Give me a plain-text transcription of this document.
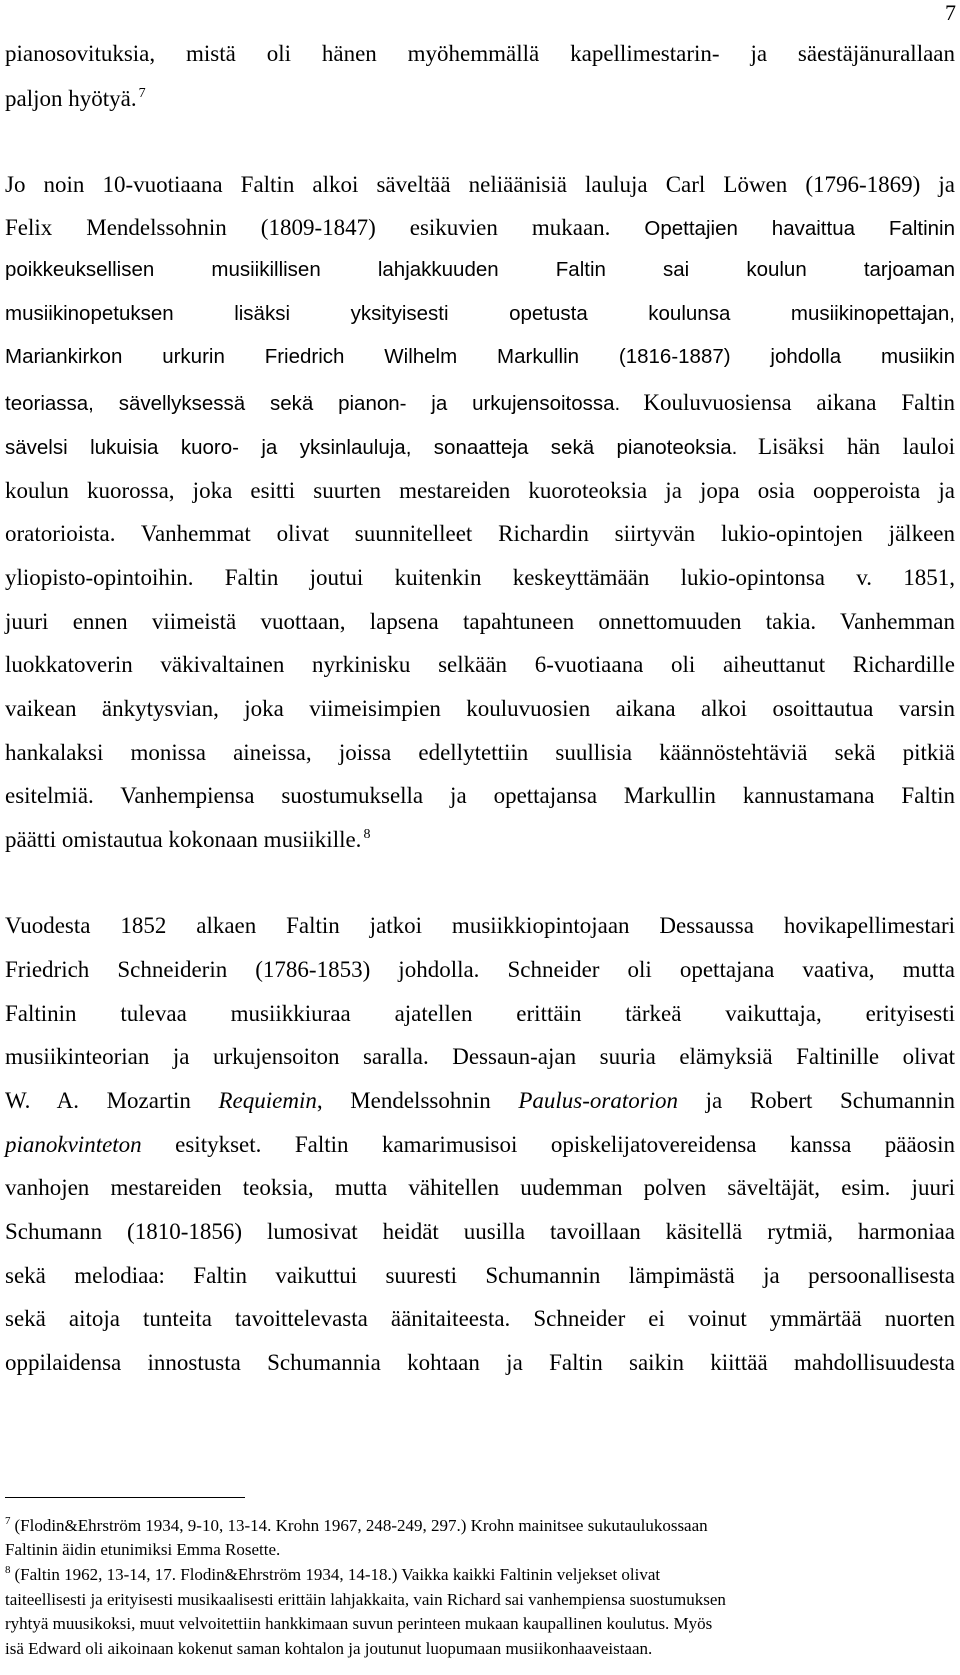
7
pianosovituksia, mistä oli hänen myöhemmällä kapellimestarin- ja säestäjänurallaan
paljon hyötyä. $^7$
Jo noin 10-vuotiaana Faltin alkoi säveltää neliäänisiä lauluja Carl Löwen (1796-1869) ja
Felix Mendelssohnin (1809-1847) esikuvien mukaan. Opettajien havaittua Faltinin
poikkeuksellisen musiikillisen lahjakkuuden Faltin sai koulun tarjoaman
musiikinopetuksen lisäksi yksityisesti opetusta koulunsa musiikinopettajan,
Mariankirkon urkurin Friedrich Wilhelm Markullin (1816-1887) johdolla musiikin
teoriassa, sävellyksessä sekä pianon- ja urkujensoitossa. Kouluvuosiensa aikana Faltin
sävelsi lukuisia kuoro- ja yksinlauluja, sonaatteja sekä pianoteoksia. Lisäksi hän lauloi
koulun kuorossa, joka esitti suurten mestareiden kuoroteoksia ja jopa osia oopperoista ja
oratorioista. Vanhemmat olivat suunnitelleet Richardin siirtyvän lukio-opintojen jälkeen
yliopisto-opintoihin. Faltin joutui kuitenkin keskeyttämään lukio-opintonsa v. 1851,
juuri ennen viimeistä vuottaan, lapsena tapahtuneen onnettomuuden takia. Vanhemman
luokkatoverin väkivaltainen nyrkinisku selkään 6-vuotiaana oli aiheuttanut Richardille
vaikean änkytysvian, joka viimeisimpien kouluvuosien aikana alkoi osoittautua varsin
hankalaksi monissa aineissa, joissa edellytettiin suullisia käännöstehtäviä sekä pitkiä
esitelmiä. Vanhempiensa suostumuksella ja opettajansa Markullin kannustamana Faltin
päätti omistautua kokonaan musiikille. $^8$
Vuodesta 1852 alkaen Faltin jatkoi musiikkiopintojaan Dessaussa hovikapellimestari
Friedrich Schneiderin (1786-1853) johdolla. Schneider oli opettajana vaativa, mutta
Faltinin tulevaa musiikkiuraa ajatellen erittäin tärkeä vaikuttaja, erityisesti
musiikinteorian ja urkujensoiton saralla. Dessaun-ajan suuria elämyksiä Faltinille olivat
W. A. Mozartin Requiemin, Mendelssohnin Paulus-oratorion ja Robert Schumannin
pianokvinteton esitykset. Faltin kamarimusisoi opiskelijatovereidensa kanssa pääosin
vanhojen mestareiden teoksia, mutta vähitellen uudemman polven säveltäjät, esim. juuri
Schumann (1810-1856) lumosivat heidät uusilla tavoillaan käsitellä rytmiä, harmoniaa
sekä melodiaa: Faltin vaikuttui suuresti Schumannin lämpimästä ja persoonallisesta
sekä aitoja tunteita tavoittelevasta äänitaiteesta. Schneider ei voinut ymmärtää nuorten
oppilaidensa innostusta Schumannia kohtaan ja Faltin saikin kiittää mahdollisuudesta
$^7$ (Flodin&Ehrström 1934, 9-10, 13-14. Krohn 1967, 248-249, 297.) Krohn mainitsee sukutaulukossaan
Faltinin äidin etunimiksi Emma Rosette.
$^8$ (Faltin 1962, 13-14, 17. Flodin&Ehrström 1934, 14-18.) Vaikka kaikki Faltinin veljekset olivat
taiteellisesti ja erityisesti musikaalisesti erittäin lahjakkaita, vain Richard sai vanhempiensa suostumuksen
ryhtyä muusikoksi, muut velvoitettiin hankkimaan suvun perinteen mukaan kaupallinen koulutus. Myös
isä Edward oli aikoinaan kokenut saman kohtalon ja joutunut luopumaan musiikonhaaveistaan.
